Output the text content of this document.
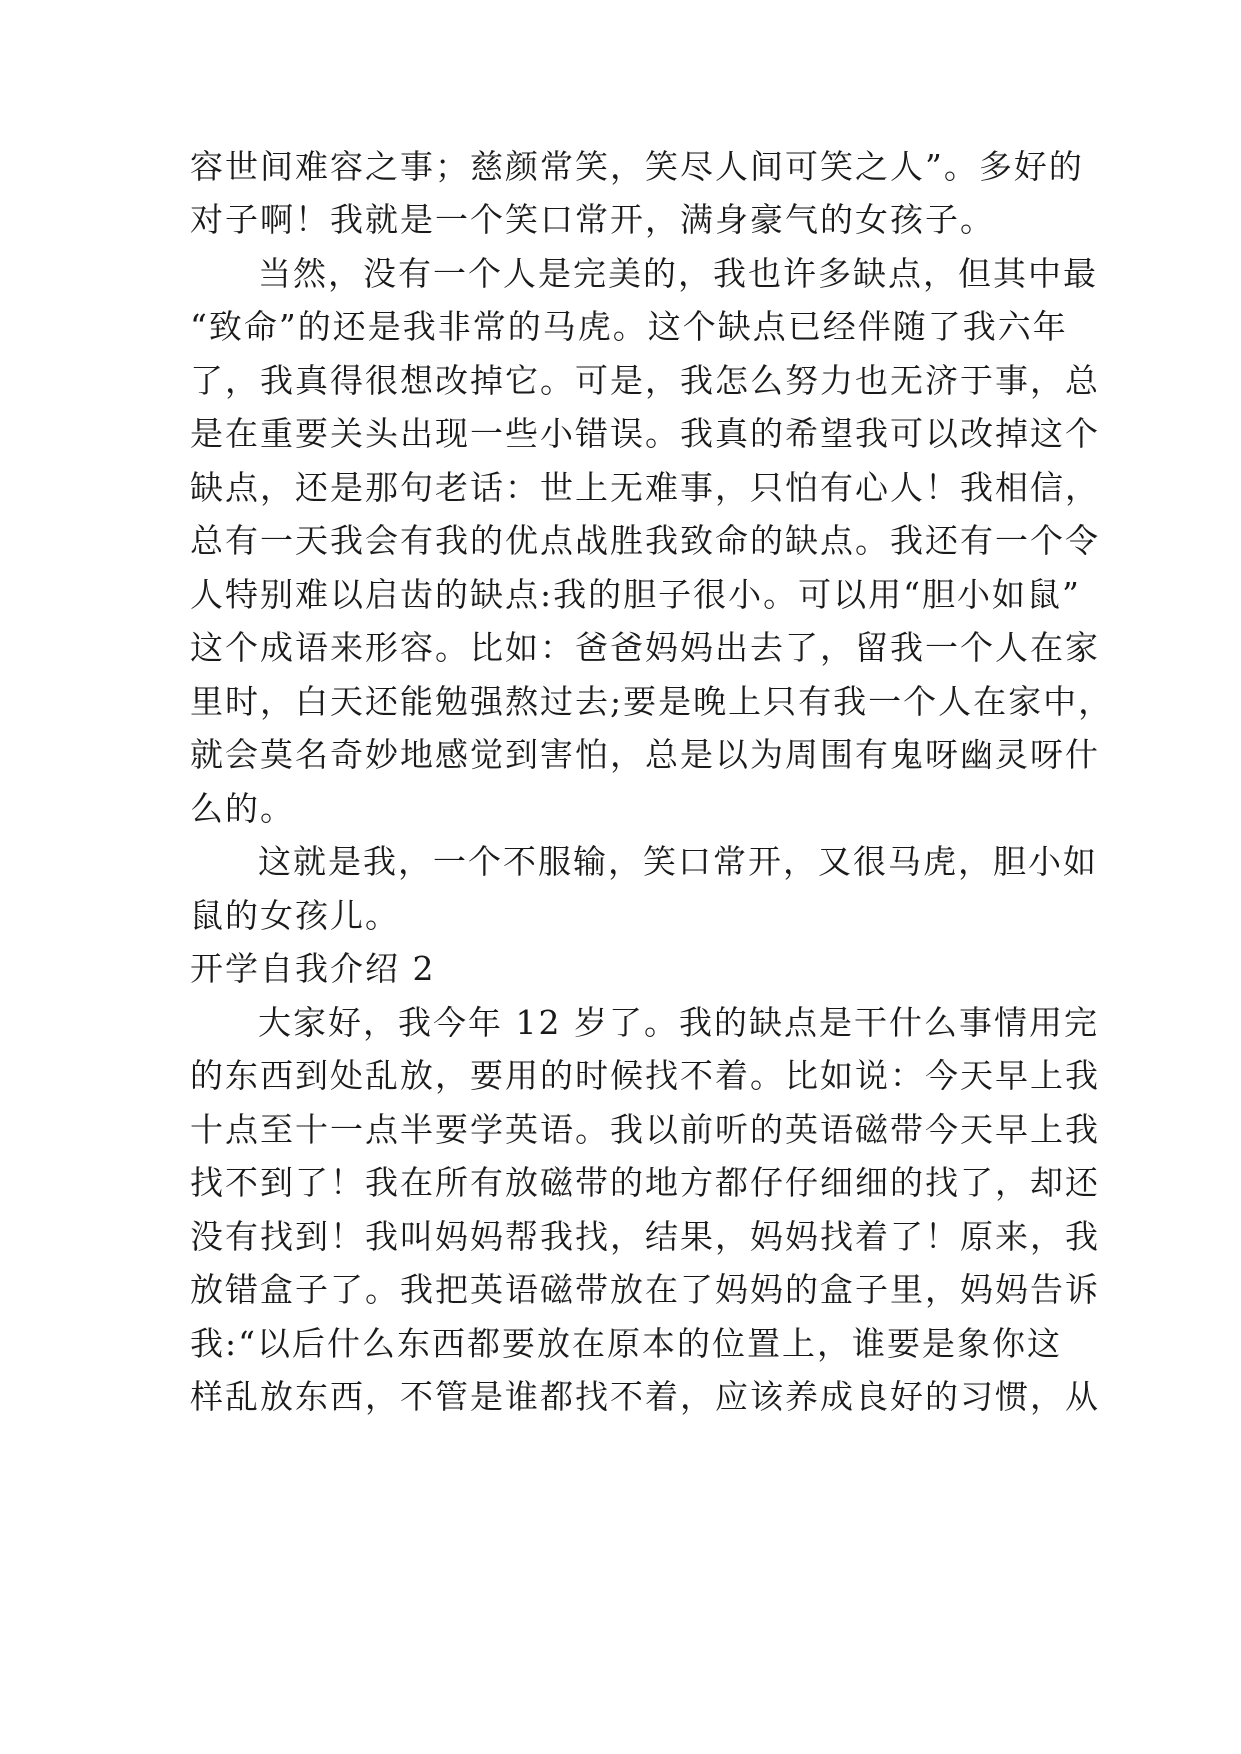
容世间难容之事；慈颜常笑，笑尽人间可笑之人”。多好的

对子啊！我就是一个笑口常开，满身豪气的女孩子。

当然，没有一个人是完美的，我也许多缺点，但其中最

“致命”的还是我非常的马虎。这个缺点已经伴随了我六年

了，我真得很想改掉它。可是，我怎么努力也无济于事，总

是在重要关头出现一些小错误。我真的希望我可以改掉这个

缺点，还是那句老话：世上无难事，只怕有心人！我相信，

总有一天我会有我的优点战胜我致命的缺点。我还有一个令

人特别难以启齿的缺点:我的胆子很小。可以用“胆小如鼠”

这个成语来形容。比如：爸爸妈妈出去了，留我一个人在家

里时，白天还能勉强熬过去;要是晚上只有我一个人在家中，

就会莫名奇妙地感觉到害怕，总是以为周围有鬼呀幽灵呀什

么的。

这就是我，一个不服输，笑口常开，又很马虎，胆小如

鼠的女孩儿。

开学自我介绍 2

大家好，我今年 12 岁了。我的缺点是干什么事情用完

的东西到处乱放，要用的时候找不着。比如说：今天早上我

十点至十一点半要学英语。我以前听的英语磁带今天早上我

找不到了！我在所有放磁带的地方都仔仔细细的找了，却还

没有找到！我叫妈妈帮我找，结果，妈妈找着了！原来，我

放错盒子了。我把英语磁带放在了妈妈的盒子里，妈妈告诉

我:“以后什么东西都要放在原本的位置上，谁要是象你这

样乱放东西，不管是谁都找不着，应该养成良好的习惯，从
